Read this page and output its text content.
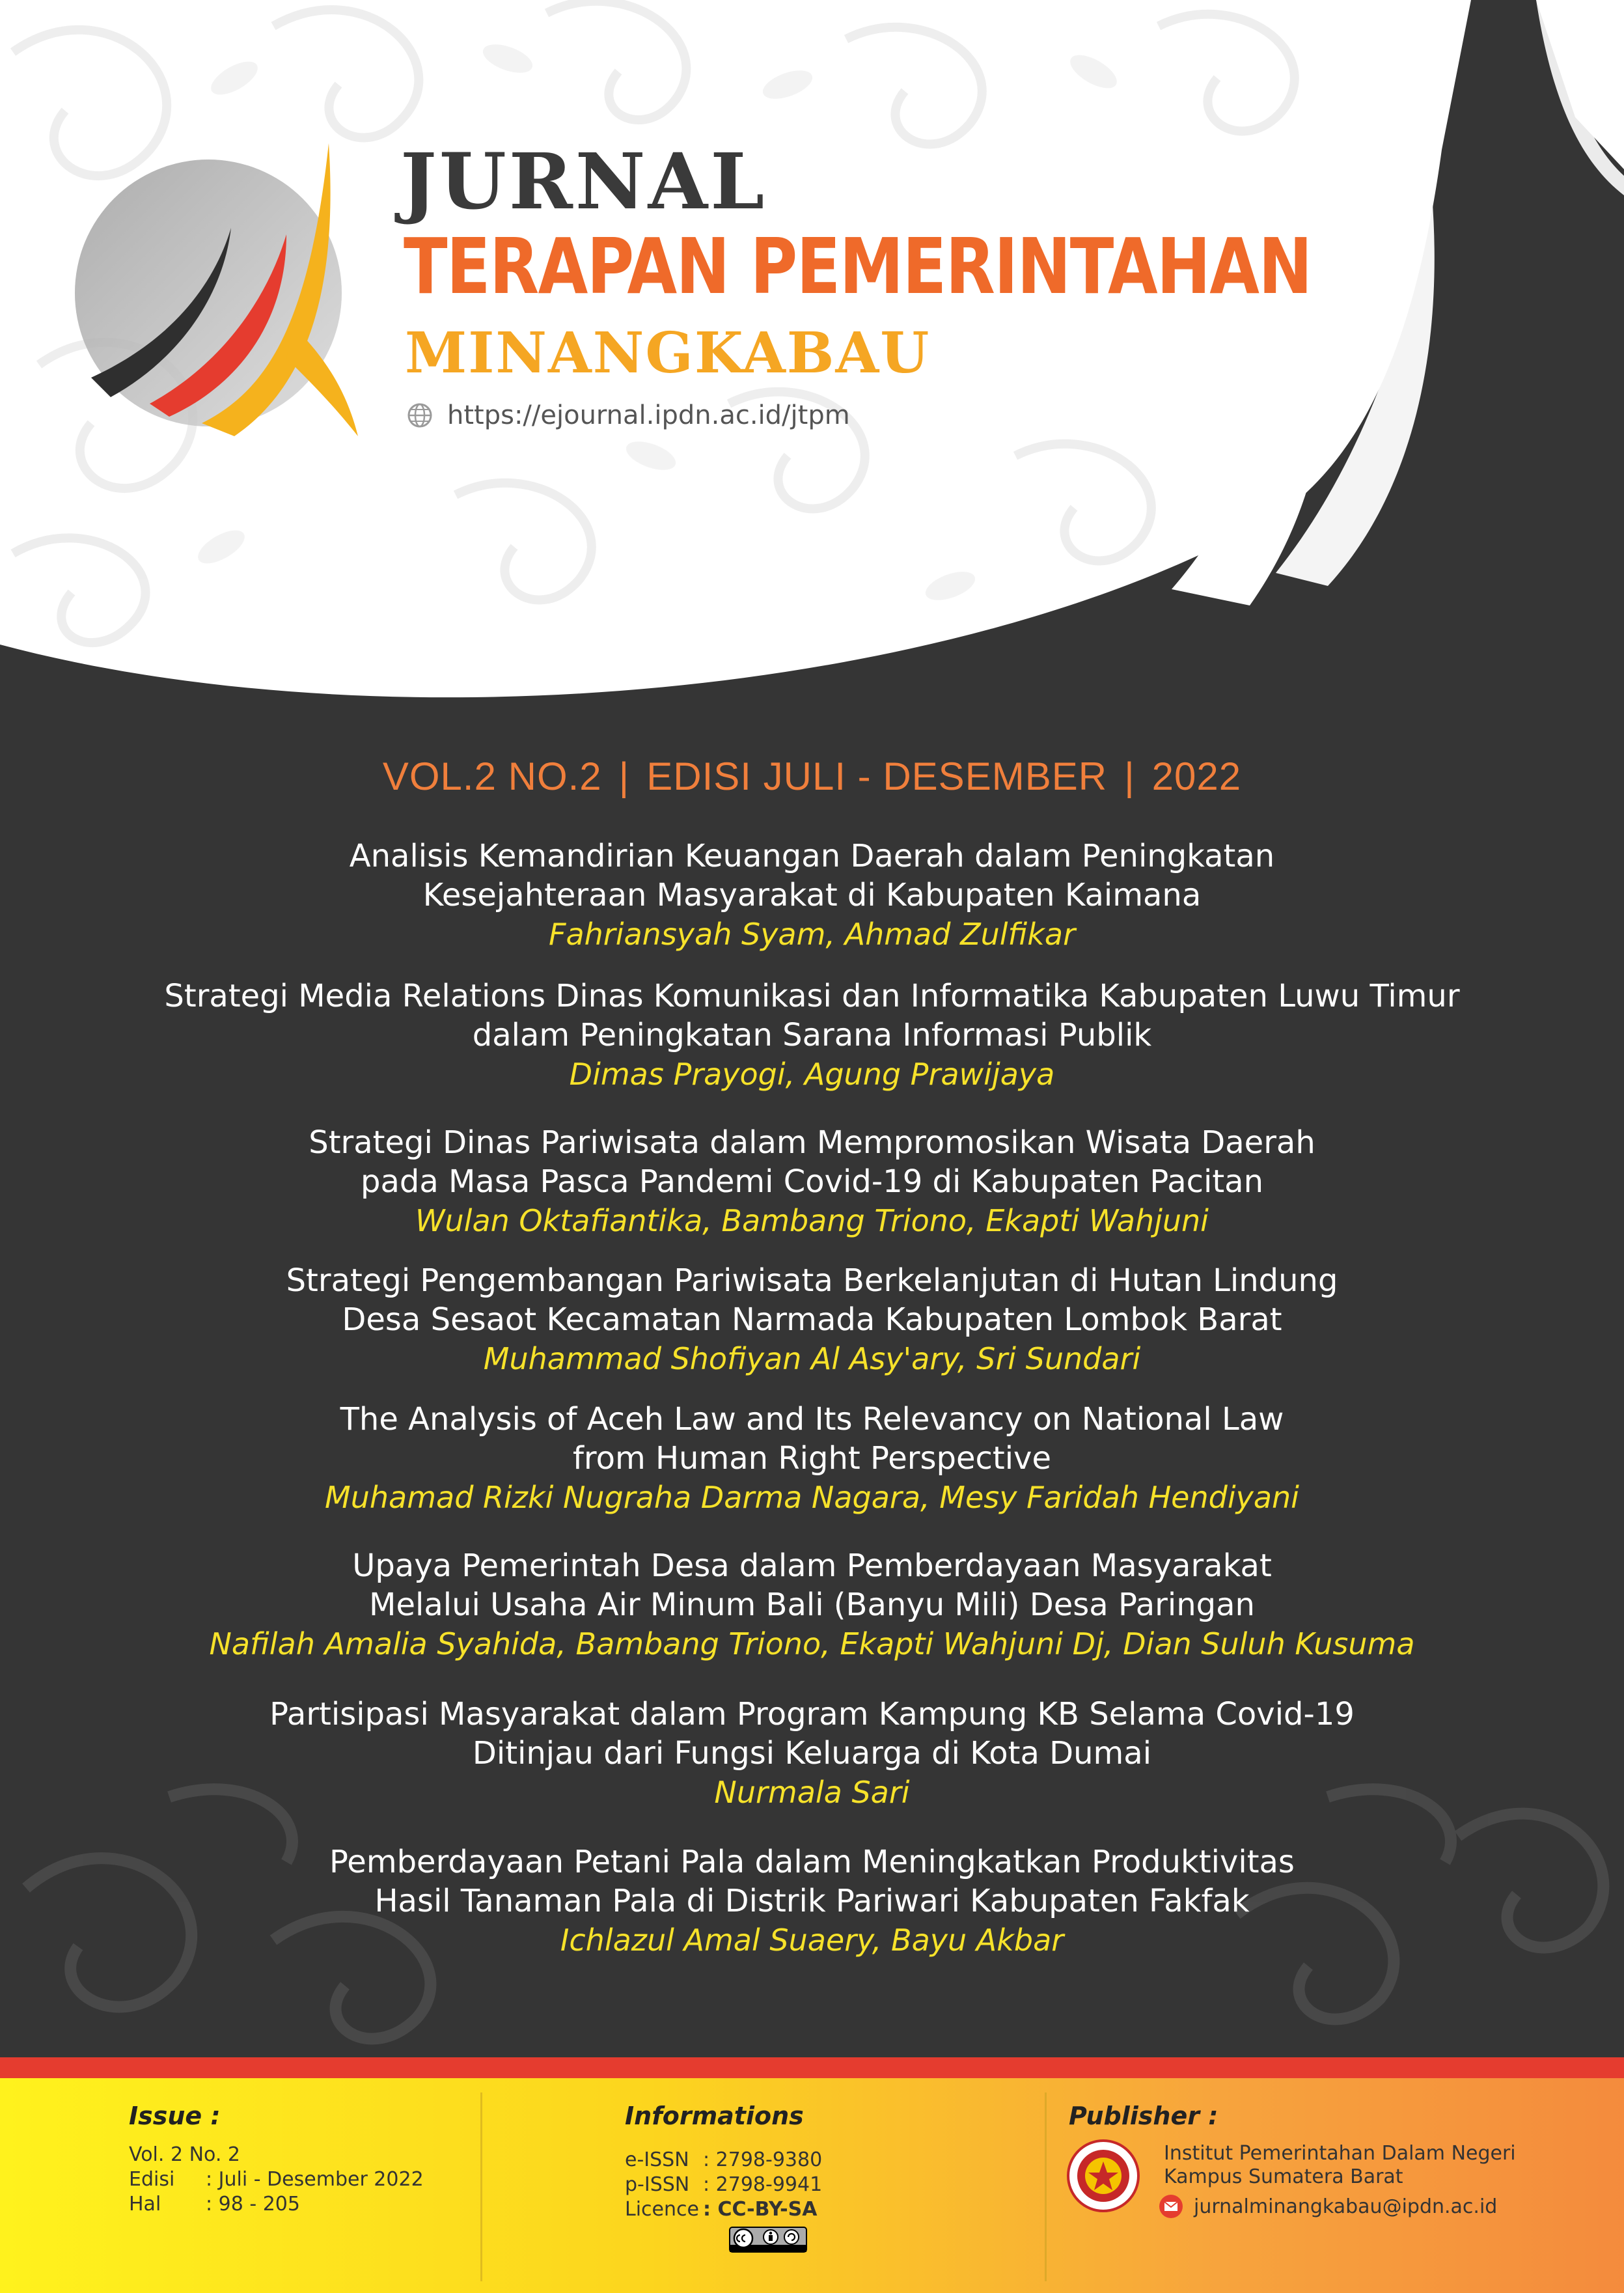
JURNAL
TERAPAN PEMERINTAHAN
MINANGKABAU
https://ejournal.ipdn.ac.id/jtpm
VOL.2 NO.2 | EDISI JULI - DESEMBER | 2022
Analisis Kemandirian Keuangan Daerah dalam Peningkatan
Kesejahteraan Masyarakat di Kabupaten Kaimana
Fahriansyah Syam, Ahmad Zulfikar
Strategi Media Relations Dinas Komunikasi dan Informatika Kabupaten Luwu Timur
dalam Peningkatan Sarana Informasi Publik
Dimas Prayogi, Agung Prawijaya
Strategi Dinas Pariwisata dalam Mempromosikan Wisata Daerah
pada Masa Pasca Pandemi Covid-19 di Kabupaten Pacitan
Wulan Oktafiantika, Bambang Triono, Ekapti Wahjuni
Strategi Pengembangan Pariwisata Berkelanjutan di Hutan Lindung
Desa Sesaot Kecamatan Narmada Kabupaten Lombok Barat
Muhammad Shofiyan Al Asy'ary, Sri Sundari
The Analysis of Aceh Law and Its Relevancy on National Law
from Human Right Perspective
Muhamad Rizki Nugraha Darma Nagara, Mesy Faridah Hendiyani
Upaya Pemerintah Desa dalam Pemberdayaan Masyarakat
Melalui Usaha Air Minum Bali (Banyu Mili) Desa Paringan
Nafilah Amalia Syahida, Bambang Triono, Ekapti Wahjuni Dj, Dian Suluh Kusuma
Partisipasi Masyarakat dalam Program Kampung KB Selama Covid-19
Ditinjau dari Fungsi Keluarga di Kota Dumai
Nurmala Sari
Pemberdayaan Petani Pala dalam Meningkatkan Produktivitas
Hasil Tanaman Pala di Distrik Pariwari Kabupaten Fakfak
Ichlazul Amal Suaery, Bayu Akbar
Issue :
Vol. 2 No. 2
Edisi : Juli - Desember 2022
Hal : 98 - 205
Informations
e-ISSN : 2798-9380
p-ISSN : 2798-9941
Licence : CC-BY-SA
Publisher :
Institut Pemerintahan Dalam Negeri
Kampus Sumatera Barat
jurnalminangkabau@ipdn.ac.id
